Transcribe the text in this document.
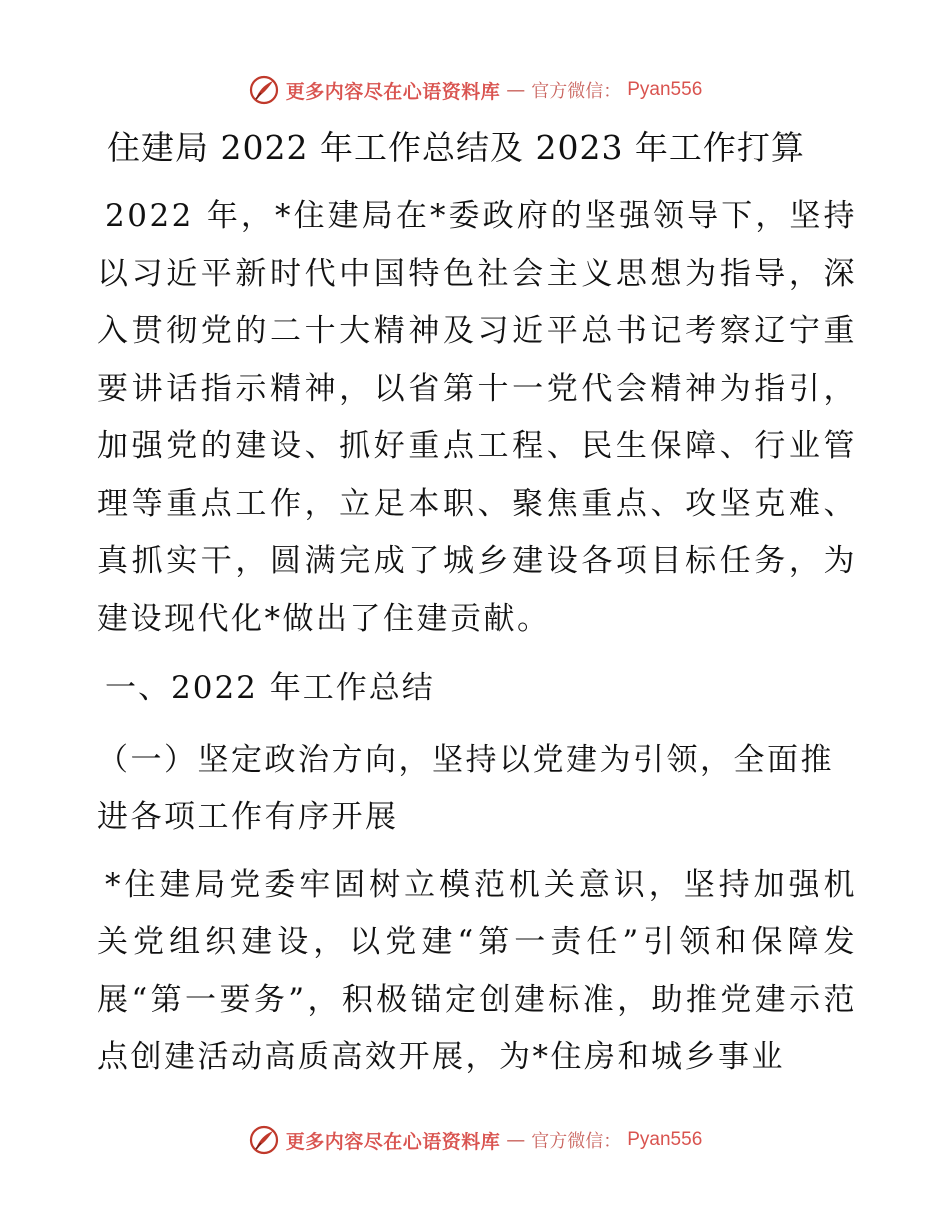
更多内容尽在心语资料库 — 官方微信： Pyan556
住建局 2022 年工作总结及 2023 年工作打算

2022 年，*住建局在*委政府的坚强领导下，坚持以习近平新时代中国特色社会主义思想为指导，深入贯彻党的二十大精神及习近平总书记考察辽宁重要讲话指示精神，以省第十一党代会精神为指引，加强党的建设、抓好重点工程、民生保障、行业管理等重点工作，立足本职、聚焦重点、攻坚克难、真抓实干，圆满完成了城乡建设各项目标任务，为建设现代化*做出了住建贡献。

一、2022 年工作总结

（一）坚定政治方向，坚持以党建为引领，全面推进各项工作有序开展

*住建局党委牢固树立模范机关意识，坚持加强机关党组织建设，以党建“第一责任”引领和保障发展“第一要务”，积极锚定创建标准，助推党建示范点创建活动高质高效开展，为*住房和城乡事业

更多内容尽在心语资料库 — 官方微信： Pyan556
